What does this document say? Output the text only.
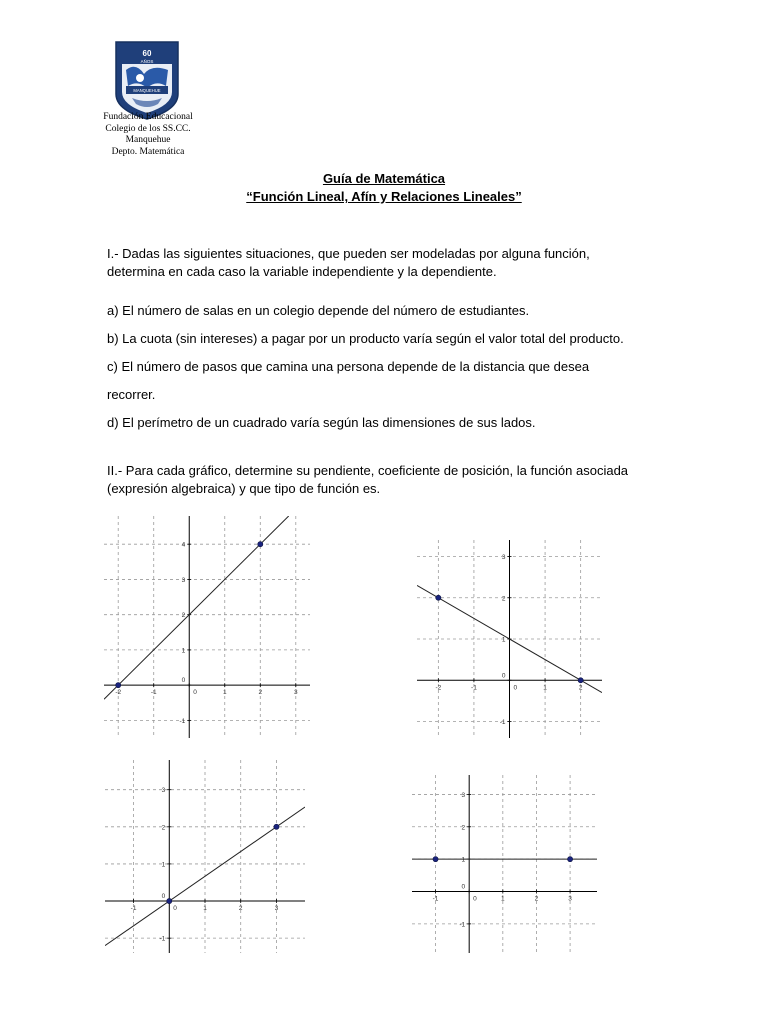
60
AÑOS
MANQUEHUE
Fundación Educacional
Colegio de los SS.CC.
Manquehue
Depto. Matemática
Guía de Matemática
“Función Lineal, Afín y Relaciones Lineales”
I.- Dadas las siguientes situaciones, que pueden ser modeladas por alguna función,
determina en cada caso la variable independiente y la dependiente.
a) El número de salas en un colegio depende del número de estudiantes.
b) La cuota (sin intereses) a pagar por un producto varía según el valor total del producto.
c) El número de pasos que camina una persona depende de la distancia que desea
recorrer.
d) El perímetro de un cuadrado varía según las dimensiones de sus lados.
II.- Para cada gráfico, determine su pendiente, coeficiente de posición, la función asociada
(expresión algebraica) y que tipo de función es.
-2	-1	1	2	3
-1
1
2
3
4
0
0
-2	-1	1	2
-1
1
2
3
0
0
-1	1	2	3
-1
1
2
3
0
0
-1	1	2	3
-1
1
2
3
0
0
